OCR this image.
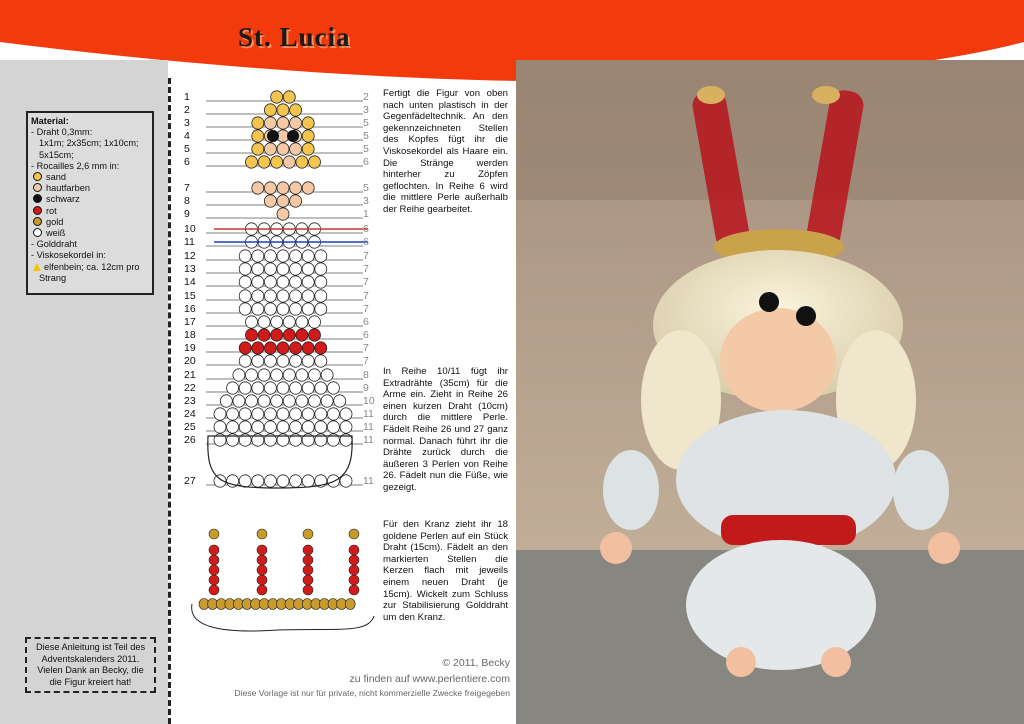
St. Lucia
Material:
- Draht 0,3mm:
1x1m; 2x35cm; 1x10cm;
5x15cm;
- Rocailles 2,6 mm in:
sand
hautfarben
schwarz
rot
gold
weiß
- Golddraht
- Viskosekordel in:
elfenbein; ca. 12cm pro
Strang
Diese Anleitung ist Teil des Adventskalenders 2011. Vielen Dank an Becky, die die Figur kreiert hat!
Fertigt die Figur von oben nach unten plastisch in der Gegenfädeltechnik. An den gekennzeichneten Stellen des Kopfes fügt ihr die Viskosekordel als Haare ein. Die Stränge werden hinterher zu Zöpfen geflochten. In Reihe 6 wird die mittlere Perle außerhalb der Reihe gearbeitet.
In Reihe 10/11 fügt ihr Extradrähte (35cm) für die Arme ein. Zieht in Reihe 26 einen kurzen Draht (10cm) durch die mittlere Perle. Fädelt Reihe 26 und 27 ganz normal. Danach führt ihr die Drähte zurück durch die äußeren 3 Perlen von Reihe 26. Fädelt nun die Füße, wie gezeigt.
Für den Kranz zieht ihr 18 goldene Perlen auf ein Stück Draht (15cm). Fädelt an den markierten Stellen die Kerzen flach mit jeweils einem neuen Draht (je 15cm). Wickelt zum Schluss zur Stabilisierung Golddraht um den Kranz.
© 2011, Becky
zu finden auf www.perlentiere.com
Diese Vorlage ist nur für private, nicht kommerzielle Zwecke freigegeben
1	2
2	3
3	5
4	5
5	5
6	6
7	5
8	3
9	1
10	6
11	6
12	7
13	7
14	7
15	7
16	7
17	6
18	6
19	7
20	7
21	8
22	9
23	10
24	11
25	11
26	11
27	11
